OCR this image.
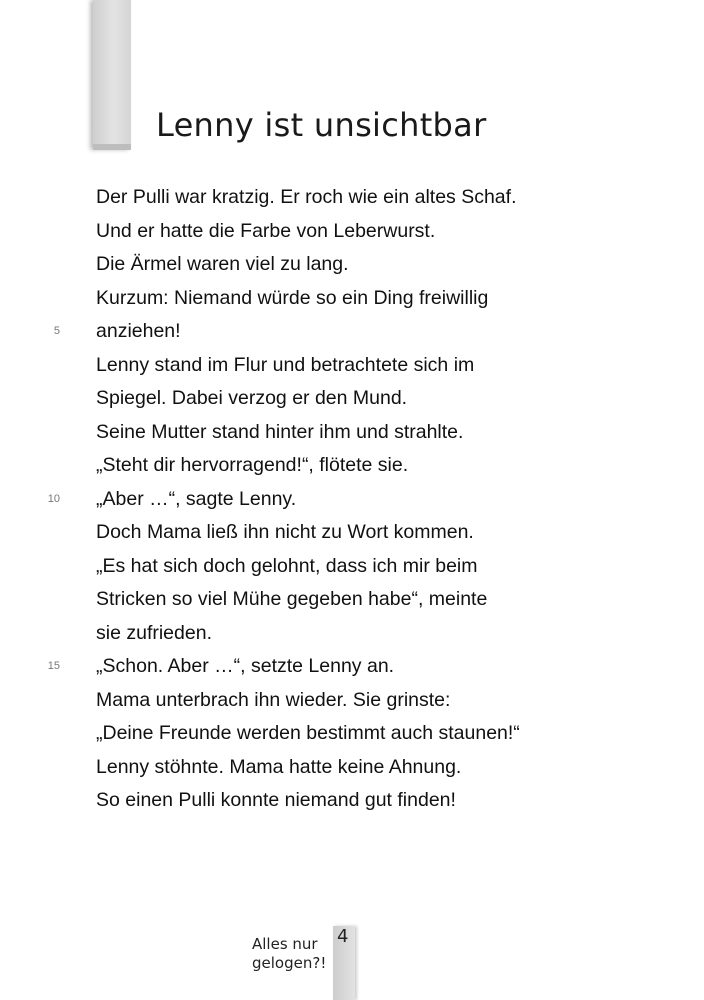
Lenny ist unsichtbar
Der Pulli war kratzig. Er roch wie ein altes Schaf.
Und er hatte die Farbe von Leberwurst.
Die Ärmel waren viel zu lang.
Kurzum: Niemand würde so ein Ding freiwillig
5 anziehen!
Lenny stand im Flur und betrachtete sich im
Spiegel. Dabei verzog er den Mund.
Seine Mutter stand hinter ihm und strahlte.
„Steht dir hervorragend!“, flötete sie.
10 „Aber …“, sagte Lenny.
Doch Mama ließ ihn nicht zu Wort kommen.
„Es hat sich doch gelohnt, dass ich mir beim
Stricken so viel Mühe gegeben habe“, meinte
sie zufrieden.
15 „Schon. Aber …“, setzte Lenny an.
Mama unterbrach ihn wieder. Sie grinste:
„Deine Freunde werden bestimmt auch staunen!“
Lenny stöhnte. Mama hatte keine Ahnung.
So einen Pulli konnte niemand gut finden!
Alles nur
gelogen?!
4
